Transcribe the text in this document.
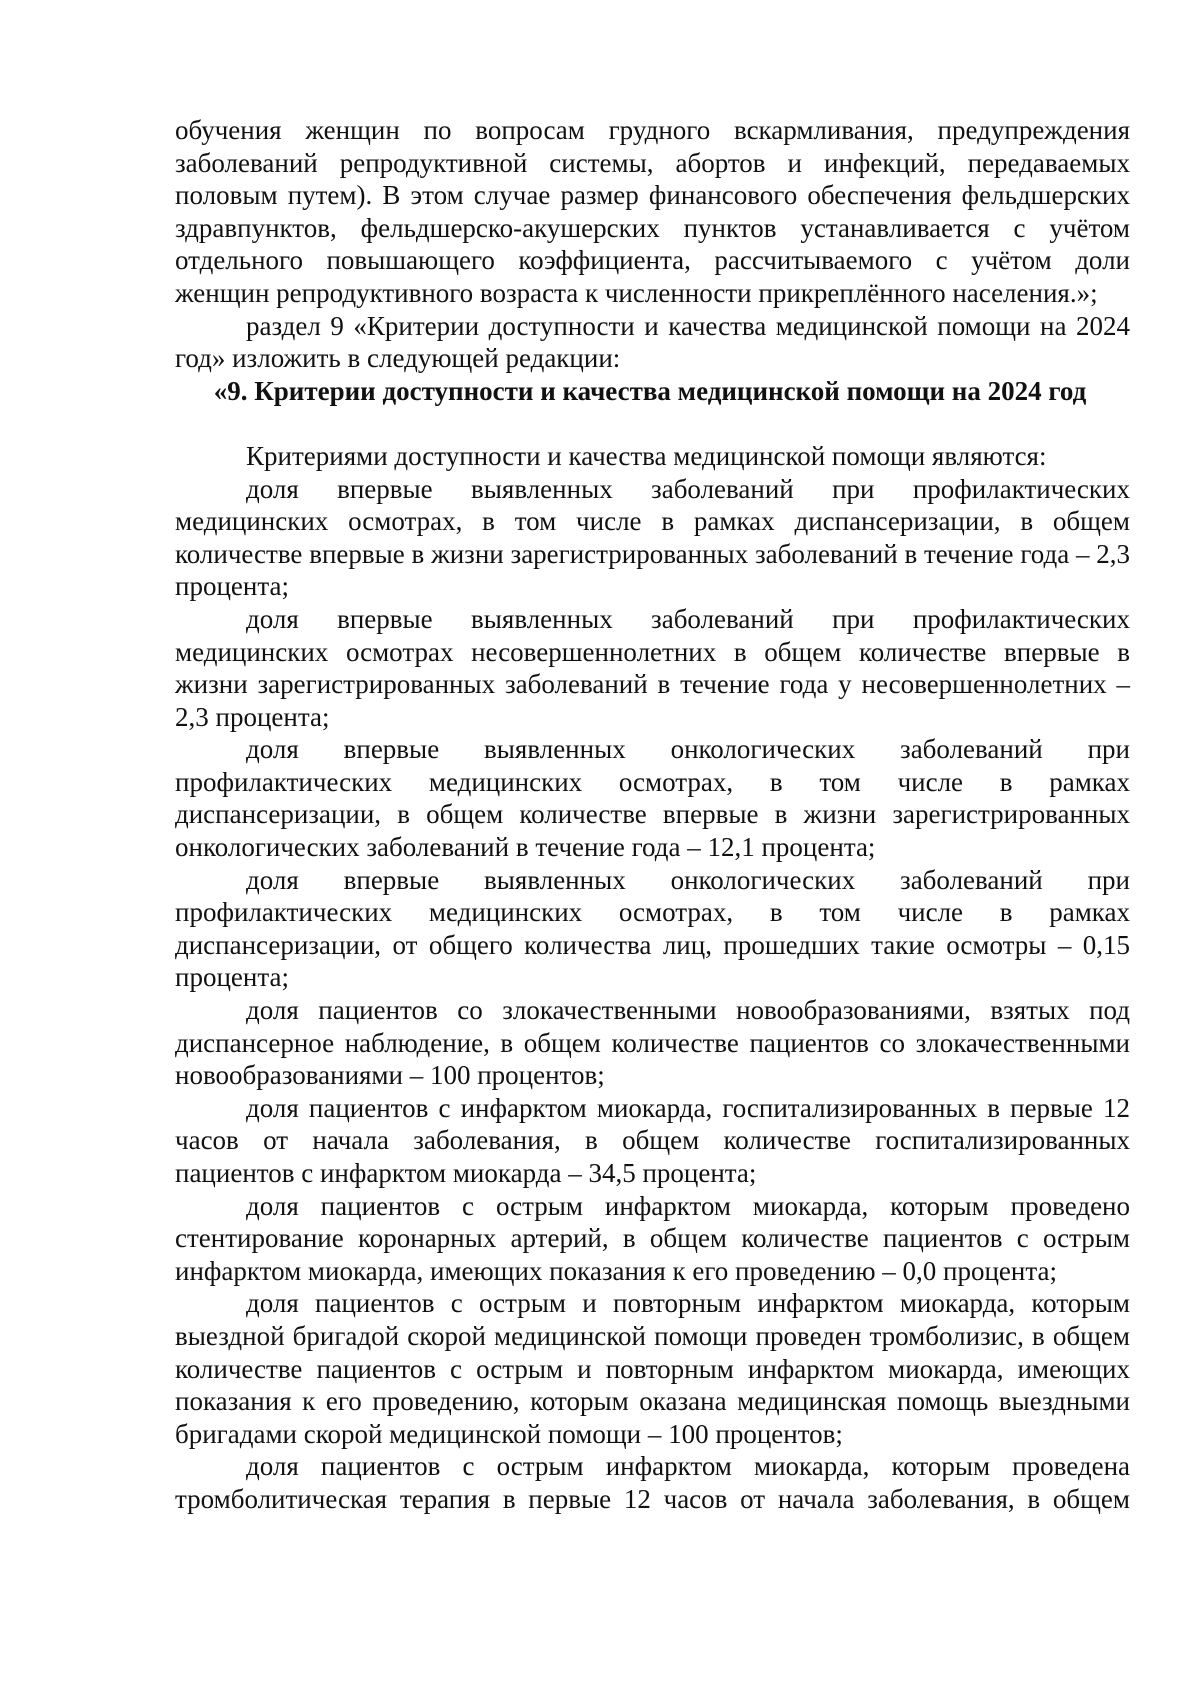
обучения женщин по вопросам грудного вскармливания, предупреждения заболеваний репродуктивной системы, абортов и инфекций, передаваемых половым путем). В этом случае размер финансового обеспечения фельдшерских здравпунктов, фельдшерско-акушерских пунктов устанавливается с учётом отдельного повышающего коэффициента, рассчитываемого с учётом доли женщин репродуктивного возраста к численности прикреплённого населения.»;

раздел 9 «Критерии доступности и качества медицинской помощи на 2024 год» изложить в следующей редакции:

«9. Критерии доступности и качества медицинской помощи на 2024 год

Критериями доступности и качества медицинской помощи являются:

доля впервые выявленных заболеваний при профилактических медицинских осмотрах, в том числе в рамках диспансеризации, в общем количестве впервые в жизни зарегистрированных заболеваний в течение года – 2,3 процента;

доля впервые выявленных заболеваний при профилактических медицинских осмотрах несовершеннолетних в общем количестве впервые в жизни зарегистрированных заболеваний в течение года у несовершеннолетних – 2,3 процента;

доля впервые выявленных онкологических заболеваний при профилактических медицинских осмотрах, в том числе в рамках диспансеризации, в общем количестве впервые в жизни зарегистрированных онкологических заболеваний в течение года – 12,1 процента;

доля впервые выявленных онкологических заболеваний при профилактических медицинских осмотрах, в том числе в рамках диспансеризации, от общего количества лиц, прошедших такие осмотры – 0,15 процента;

доля пациентов со злокачественными новообразованиями, взятых под диспансерное наблюдение, в общем количестве пациентов со злокачественными новообразованиями – 100 процентов;

доля пациентов с инфарктом миокарда, госпитализированных в первые 12 часов от начала заболевания, в общем количестве госпитализированных пациентов с инфарктом миокарда – 34,5 процента;

доля пациентов с острым инфарктом миокарда, которым проведено стентирование коронарных артерий, в общем количестве пациентов с острым инфарктом миокарда, имеющих показания к его проведению – 0,0 процента;

доля пациентов с острым и повторным инфарктом миокарда, которым выездной бригадой скорой медицинской помощи проведен тромболизис, в общем количестве пациентов с острым и повторным инфарктом миокарда, имеющих показания к его проведению, которым оказана медицинская помощь выездными бригадами скорой медицинской помощи – 100 процентов;

доля пациентов с острым инфарктом миокарда, которым проведена тромболитическая терапия в первые 12 часов от начала заболевания, в общем
